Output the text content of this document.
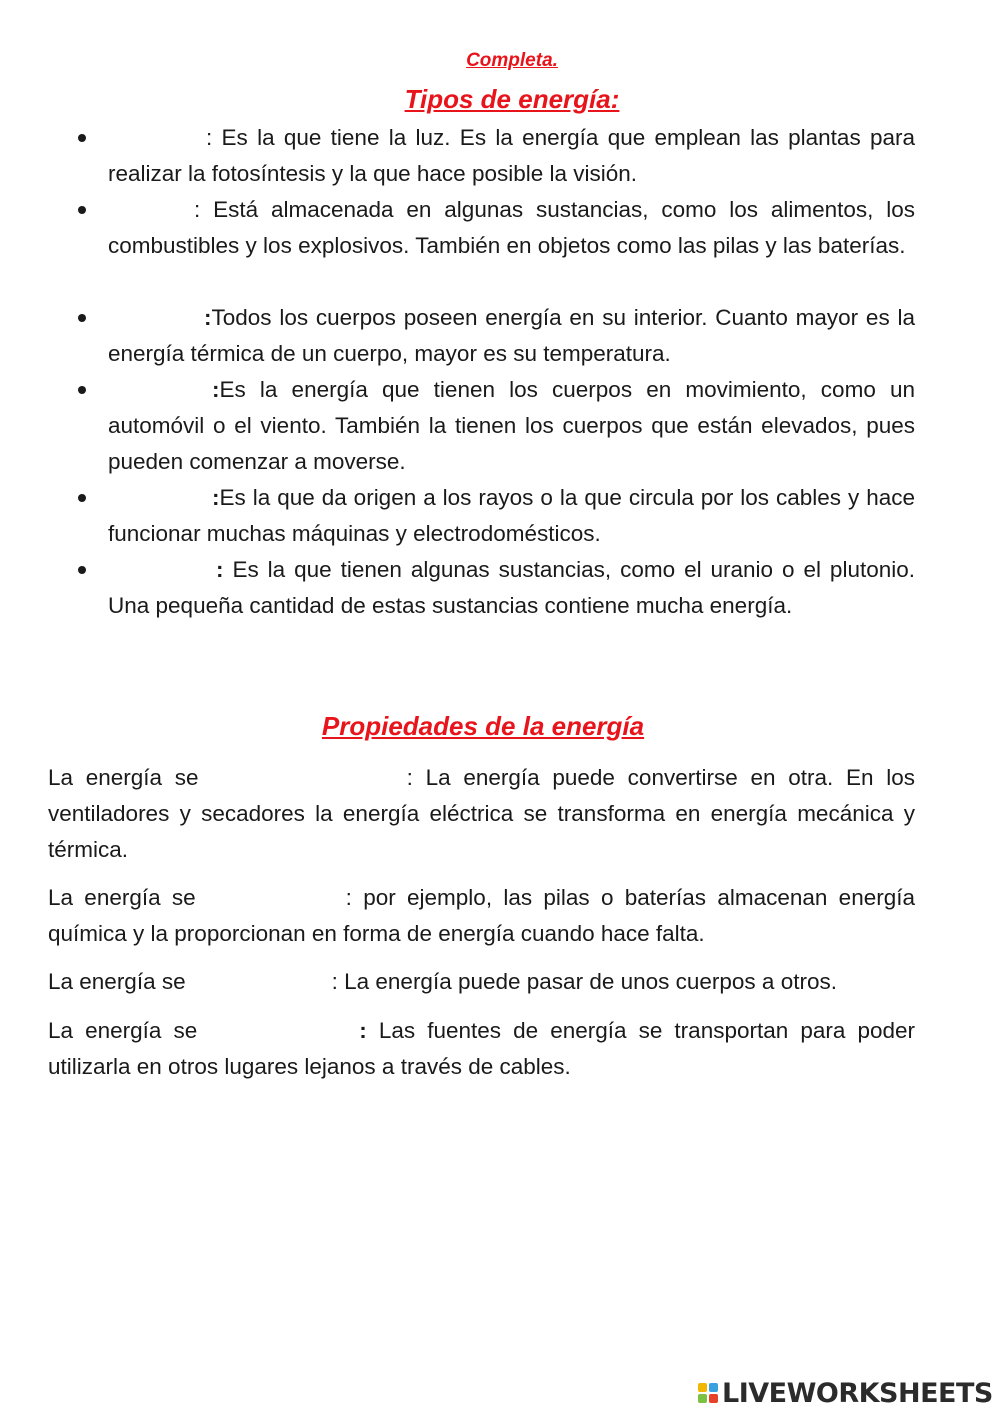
Completa.

Tipos de energía:

: Es la que tiene la luz. Es la energía que emplean las plantas para realizar la fotosíntesis y la que hace posible la visión.
: Está almacenada en algunas sustancias, como los alimentos, los combustibles y los explosivos. También en objetos como las pilas y las baterías.
:Todos los cuerpos poseen energía en su interior. Cuanto mayor es la energía térmica de un cuerpo, mayor es su temperatura.
:Es la energía que tienen los cuerpos en movimiento, como un automóvil o el viento. También la tienen los cuerpos que están elevados, pues pueden comenzar a moverse.
:Es la que da origen a los rayos o la que circula por los cables y hace funcionar muchas máquinas y electrodomésticos.
: Es la que tienen algunas sustancias, como el uranio o el plutonio. Una pequeña cantidad de estas sustancias contiene mucha energía.

Propiedades de la energía

La energía se	: La energía puede convertirse en otra. En los ventiladores y secadores la energía eléctrica se transforma en energía mecánica y térmica.
La energía se	: por ejemplo, las pilas o baterías almacenan energía química y la proporcionan en forma de energía cuando hace falta.
La energía se	: La energía puede pasar de unos cuerpos a otros.
La energía se	: Las fuentes de energía se transportan para poder utilizarla en otros lugares lejanos a través de cables.
LIVEWORKSHEETS
